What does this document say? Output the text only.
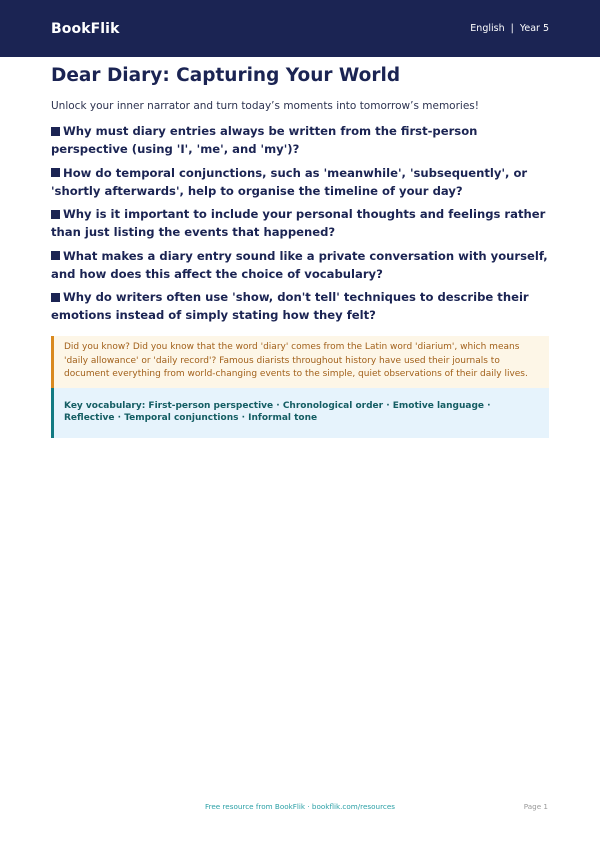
BookFlik	English | Year 5
Dear Diary: Capturing Your World
Unlock your inner narrator and turn today’s moments into tomorrow’s memories!
Why must diary entries always be written from the first-person perspective (using 'I', 'me', and 'my')?
How do temporal conjunctions, such as 'meanwhile', 'subsequently', or 'shortly afterwards', help to organise the timeline of your day?
Why is it important to include your personal thoughts and feelings rather than just listing the events that happened?
What makes a diary entry sound like a private conversation with yourself, and how does this affect the choice of vocabulary?
Why do writers often use 'show, don't tell' techniques to describe their emotions instead of simply stating how they felt?
Did you know? Did you know that the word 'diary' comes from the Latin word 'diarium', which means 'daily allowance' or 'daily record'? Famous diarists throughout history have used their journals to document everything from world-changing events to the simple, quiet observations of their daily lives.
Key vocabulary: First-person perspective · Chronological order · Emotive language · Reflective · Temporal conjunctions · Informal tone
Free resource from BookFlik · bookflik.com/resources	Page 1
